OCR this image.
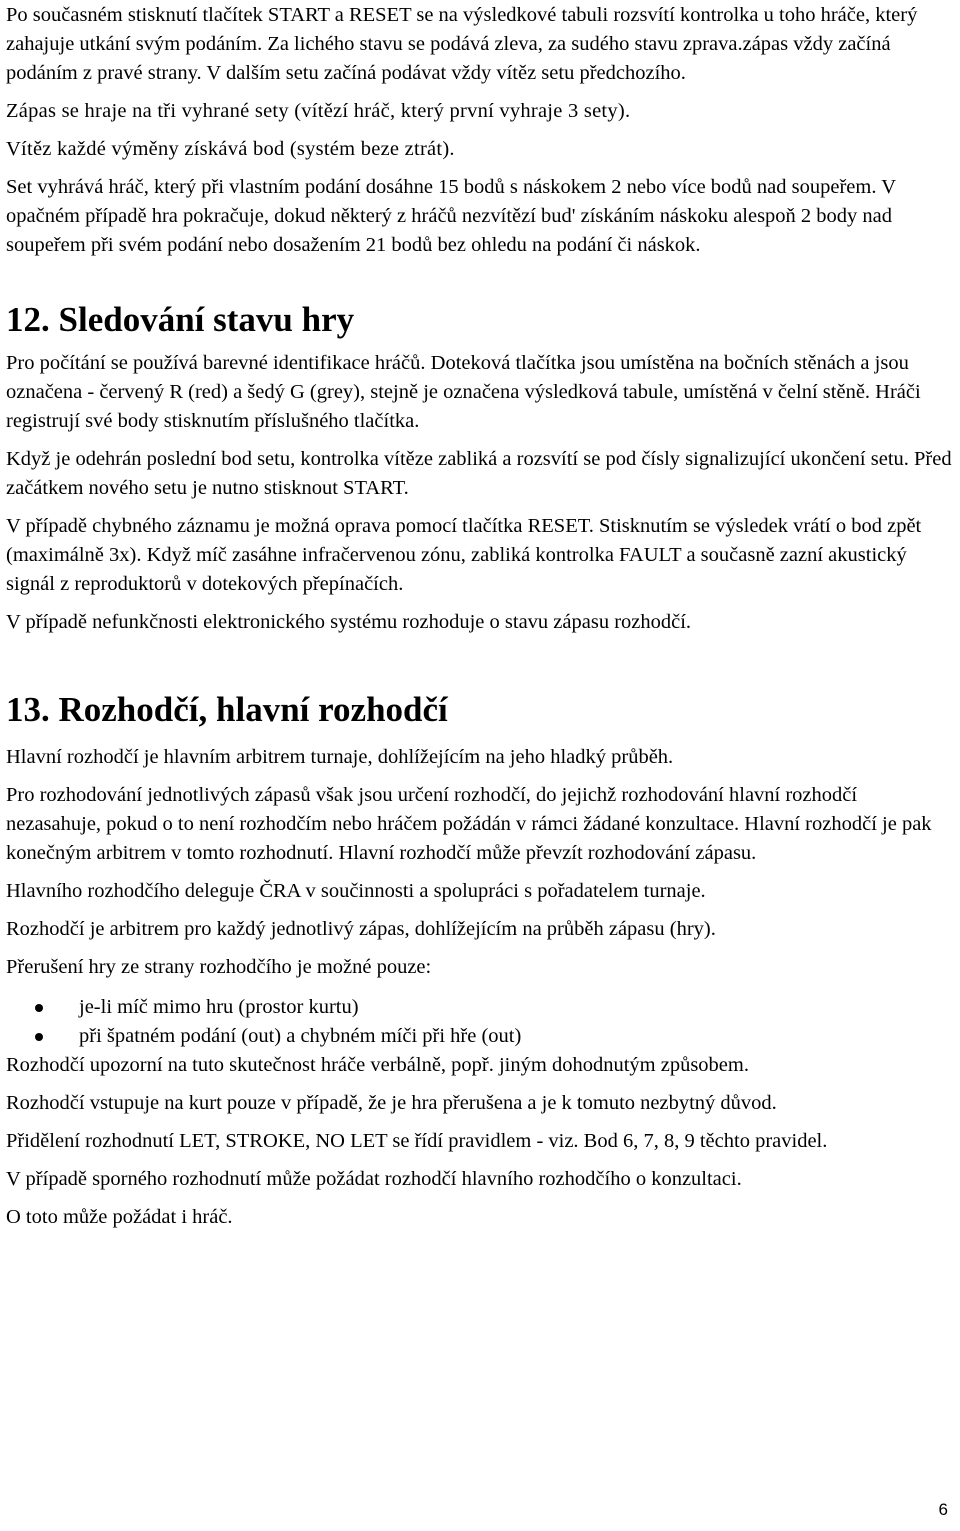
Po současném stisknutí tlačítek START a RESET se na výsledkové tabuli rozsvítí kontrolka u toho hráče, který zahajuje utkání svým podáním. Za lichého stavu se podává zleva, za sudého stavu zprava.zápas vždy začíná podáním z pravé strany. V dalším setu začíná podávat vždy vítěz setu předchozího.

Zápas se hraje na tři vyhrané sety (vítězí hráč, který první vyhraje 3 sety).

Vítěz každé výměny získává bod (systém beze ztrát).

Set vyhrává hráč, který při vlastním podání dosáhne 15 bodů s náskokem 2 nebo více bodů nad soupeřem. V opačném případě hra pokračuje, dokud některý z hráčů nezvítězí bud' získáním náskoku alespoň 2 body nad soupeřem při svém podání nebo dosažením 21 bodů bez ohledu na podání či náskok.

12. Sledování stavu hry

Pro počítání se používá barevné identifikace hráčů. Doteková tlačítka jsou umístěna na bočních stěnách a jsou označena - červený R (red) a šedý G (grey), stejně je označena výsledková tabule, umístěná v čelní stěně. Hráči registrují své body stisknutím příslušného tlačítka.

Když je odehrán poslední bod setu, kontrolka vítěze zabliká a rozsvítí se pod čísly signalizující ukončení setu. Před začátkem nového setu je nutno stisknout START.

V případě chybného záznamu je možná oprava pomocí tlačítka RESET. Stisknutím se výsledek vrátí o bod zpět (maximálně 3x). Když míč zasáhne infračervenou zónu, zabliká kontrolka FAULT a současně zazní akustický signál z reproduktorů v dotekových přepínačích.

V případě nefunkčnosti elektronického systému rozhoduje o stavu zápasu rozhodčí.

13. Rozhodčí, hlavní rozhodčí

Hlavní rozhodčí je hlavním arbitrem turnaje, dohlížejícím na jeho hladký průběh.

Pro rozhodování jednotlivých zápasů však jsou určení rozhodčí, do jejichž rozhodování hlavní rozhodčí nezasahuje, pokud o to není rozhodčím nebo hráčem požádán v rámci žádané konzultace. Hlavní rozhodčí je pak konečným arbitrem v tomto rozhodnutí. Hlavní rozhodčí může převzít rozhodování zápasu.

Hlavního rozhodčího deleguje ČRA v součinnosti a spolupráci s pořadatelem turnaje.

Rozhodčí je arbitrem pro každý jednotlivý zápas, dohlížejícím na průběh zápasu (hry).

Přerušení hry ze strany rozhodčího je možné pouze:

je-li míč mimo hru (prostor kurtu)
při špatném podání (out) a chybném míči při hře (out)

Rozhodčí upozorní na tuto skutečnost hráče verbálně, popř. jiným dohodnutým způsobem.

Rozhodčí vstupuje na kurt pouze v případě, že je hra přerušena a je k tomuto nezbytný důvod.

Přidělení rozhodnutí LET, STROKE, NO LET se řídí pravidlem - viz. Bod 6, 7, 8, 9 těchto pravidel.

V případě sporného rozhodnutí může požádat rozhodčí hlavního rozhodčího o konzultaci.

O toto může požádat i hráč.

6
